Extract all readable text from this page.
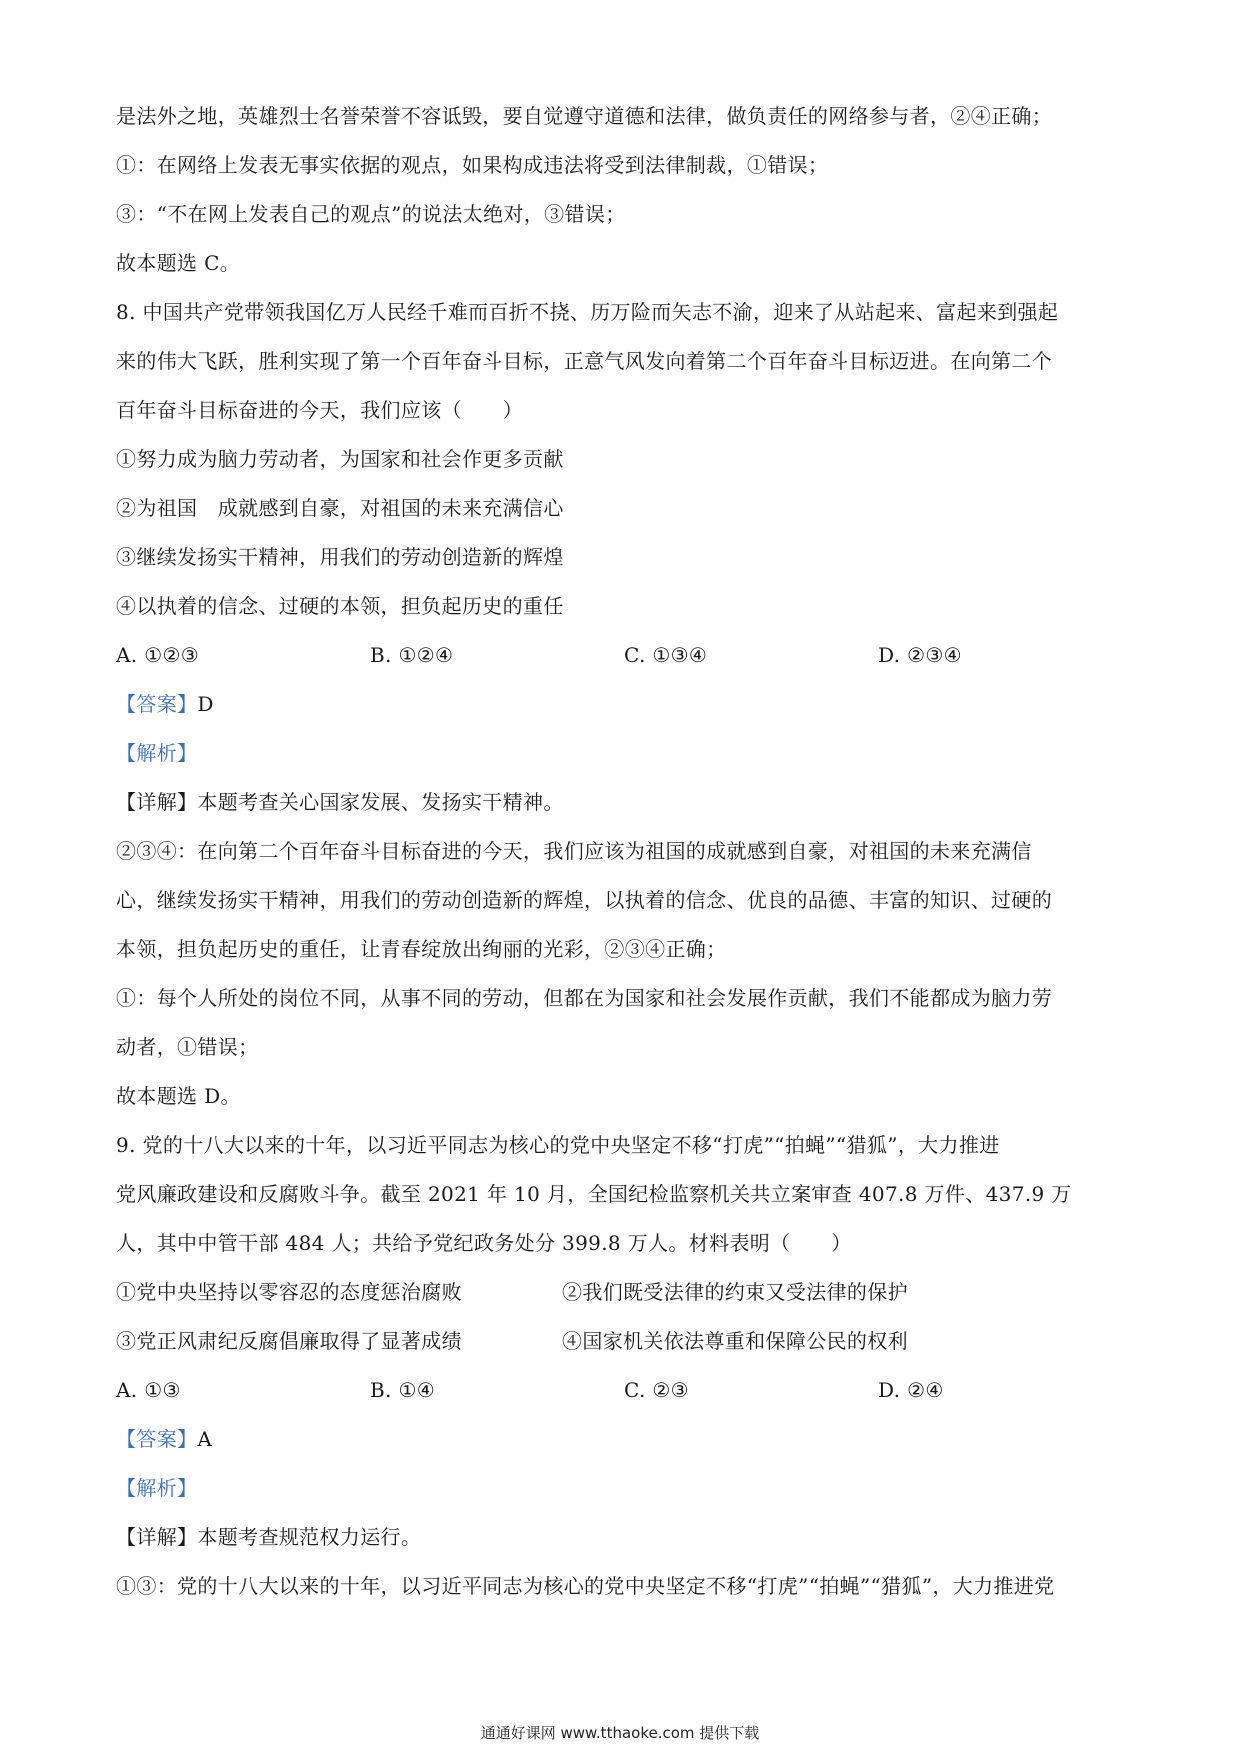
是法外之地，英雄烈士名誉荣誉不容诋毁，要自觉遵守道德和法律，做负责任的网络参与者，②④正确；
①：在网络上发表无事实依据的观点，如果构成违法将受到法律制裁，①错误；
③：“不在网上发表自己的观点”的说法太绝对，③错误；
故本题选 C。
8. 中国共产党带领我国亿万人民经千难而百折不挠、历万险而矢志不渝，迎来了从站起来、富起来到强起
来的伟大飞跃，胜利实现了第一个百年奋斗目标，正意气风发向着第二个百年奋斗目标迈进。在向第二个
百年奋斗目标奋进的今天，我们应该（　　）
①努力成为脑力劳动者，为国家和社会作更多贡献
②为祖国　成就感到自豪，对祖国的未来充满信心
③继续发扬实干精神，用我们的劳动创造新的辉煌
④以执着的信念、过硬的本领，担负起历史的重任
A. ①②③	B. ①②④	C. ①③④	D. ②③④
【答案】D
【解析】
【详解】本题考查关心国家发展、发扬实干精神。
②③④：在向第二个百年奋斗目标奋进的今天，我们应该为祖国的成就感到自豪，对祖国的未来充满信
心，继续发扬实干精神，用我们的劳动创造新的辉煌，以执着的信念、优良的品德、丰富的知识、过硬的
本领，担负起历史的重任，让青春绽放出绚丽的光彩，②③④正确；
①：每个人所处的岗位不同，从事不同的劳动，但都在为国家和社会发展作贡献，我们不能都成为脑力劳
动者，①错误；
故本题选 D。
9. 党的十八大以来的十年，以习近平同志为核心的党中央坚定不移“打虎”“拍蝇”“猎狐”，大力推进
党风廉政建设和反腐败斗争。截至 2021 年 10 月，全国纪检监察机关共立案审查 407.8 万件、437.9 万
人，其中中管干部 484 人；共给予党纪政务处分 399.8 万人。材料表明（　　）
①党中央坚持以零容忍的态度惩治腐败	②我们既受法律的约束又受法律的保护
③党正风肃纪反腐倡廉取得了显著成绩	④国家机关依法尊重和保障公民的权利
A. ①③	B. ①④	C. ②③	D. ②④
【答案】A
【解析】
【详解】本题考查规范权力运行。
①③：党的十八大以来的十年，以习近平同志为核心的党中央坚定不移“打虎”“拍蝇”“猎狐”，大力推进党
通通好课网 www.tthaoke.com 提供下载
